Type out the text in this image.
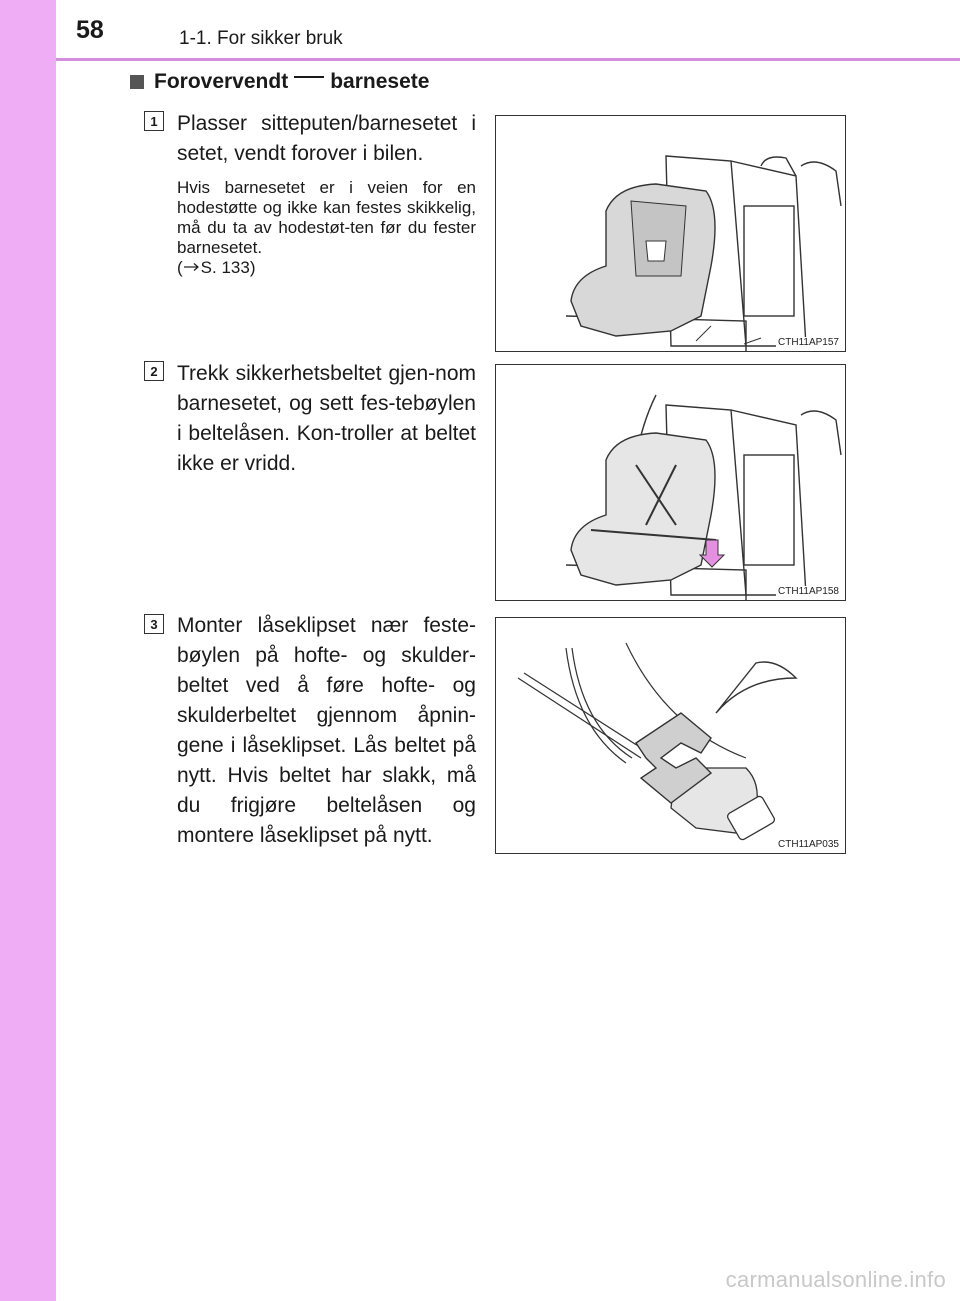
58	1-1. For sikker bruk
Forovervendt barnesete
1 Plasser sitteputen/barnesetet i setet, vendt forover i bilen.
Hvis barnesetet er i veien for en hodestøtte og ikke kan festes skikkelig, må du ta av hodestøt-ten før du fester barnesetet.
( S. 133)
2 Trekk sikkerhetsbeltet gjen-nom barnesetet, og sett fes-tebøylen i beltelåsen. Kon-troller at beltet ikke er vridd.
3 Monter låseklipset nær feste-bøylen på hofte- og skulder-beltet ved å føre hofte- og skulderbeltet gjennom åpnin-gene i låseklipset. Lås beltet på nytt. Hvis beltet har slakk, må du frigjøre beltelåsen og montere låseklipset på nytt.
CTH11AP157
CTH11AP158
CTH11AP035
carmanualsonline.info
